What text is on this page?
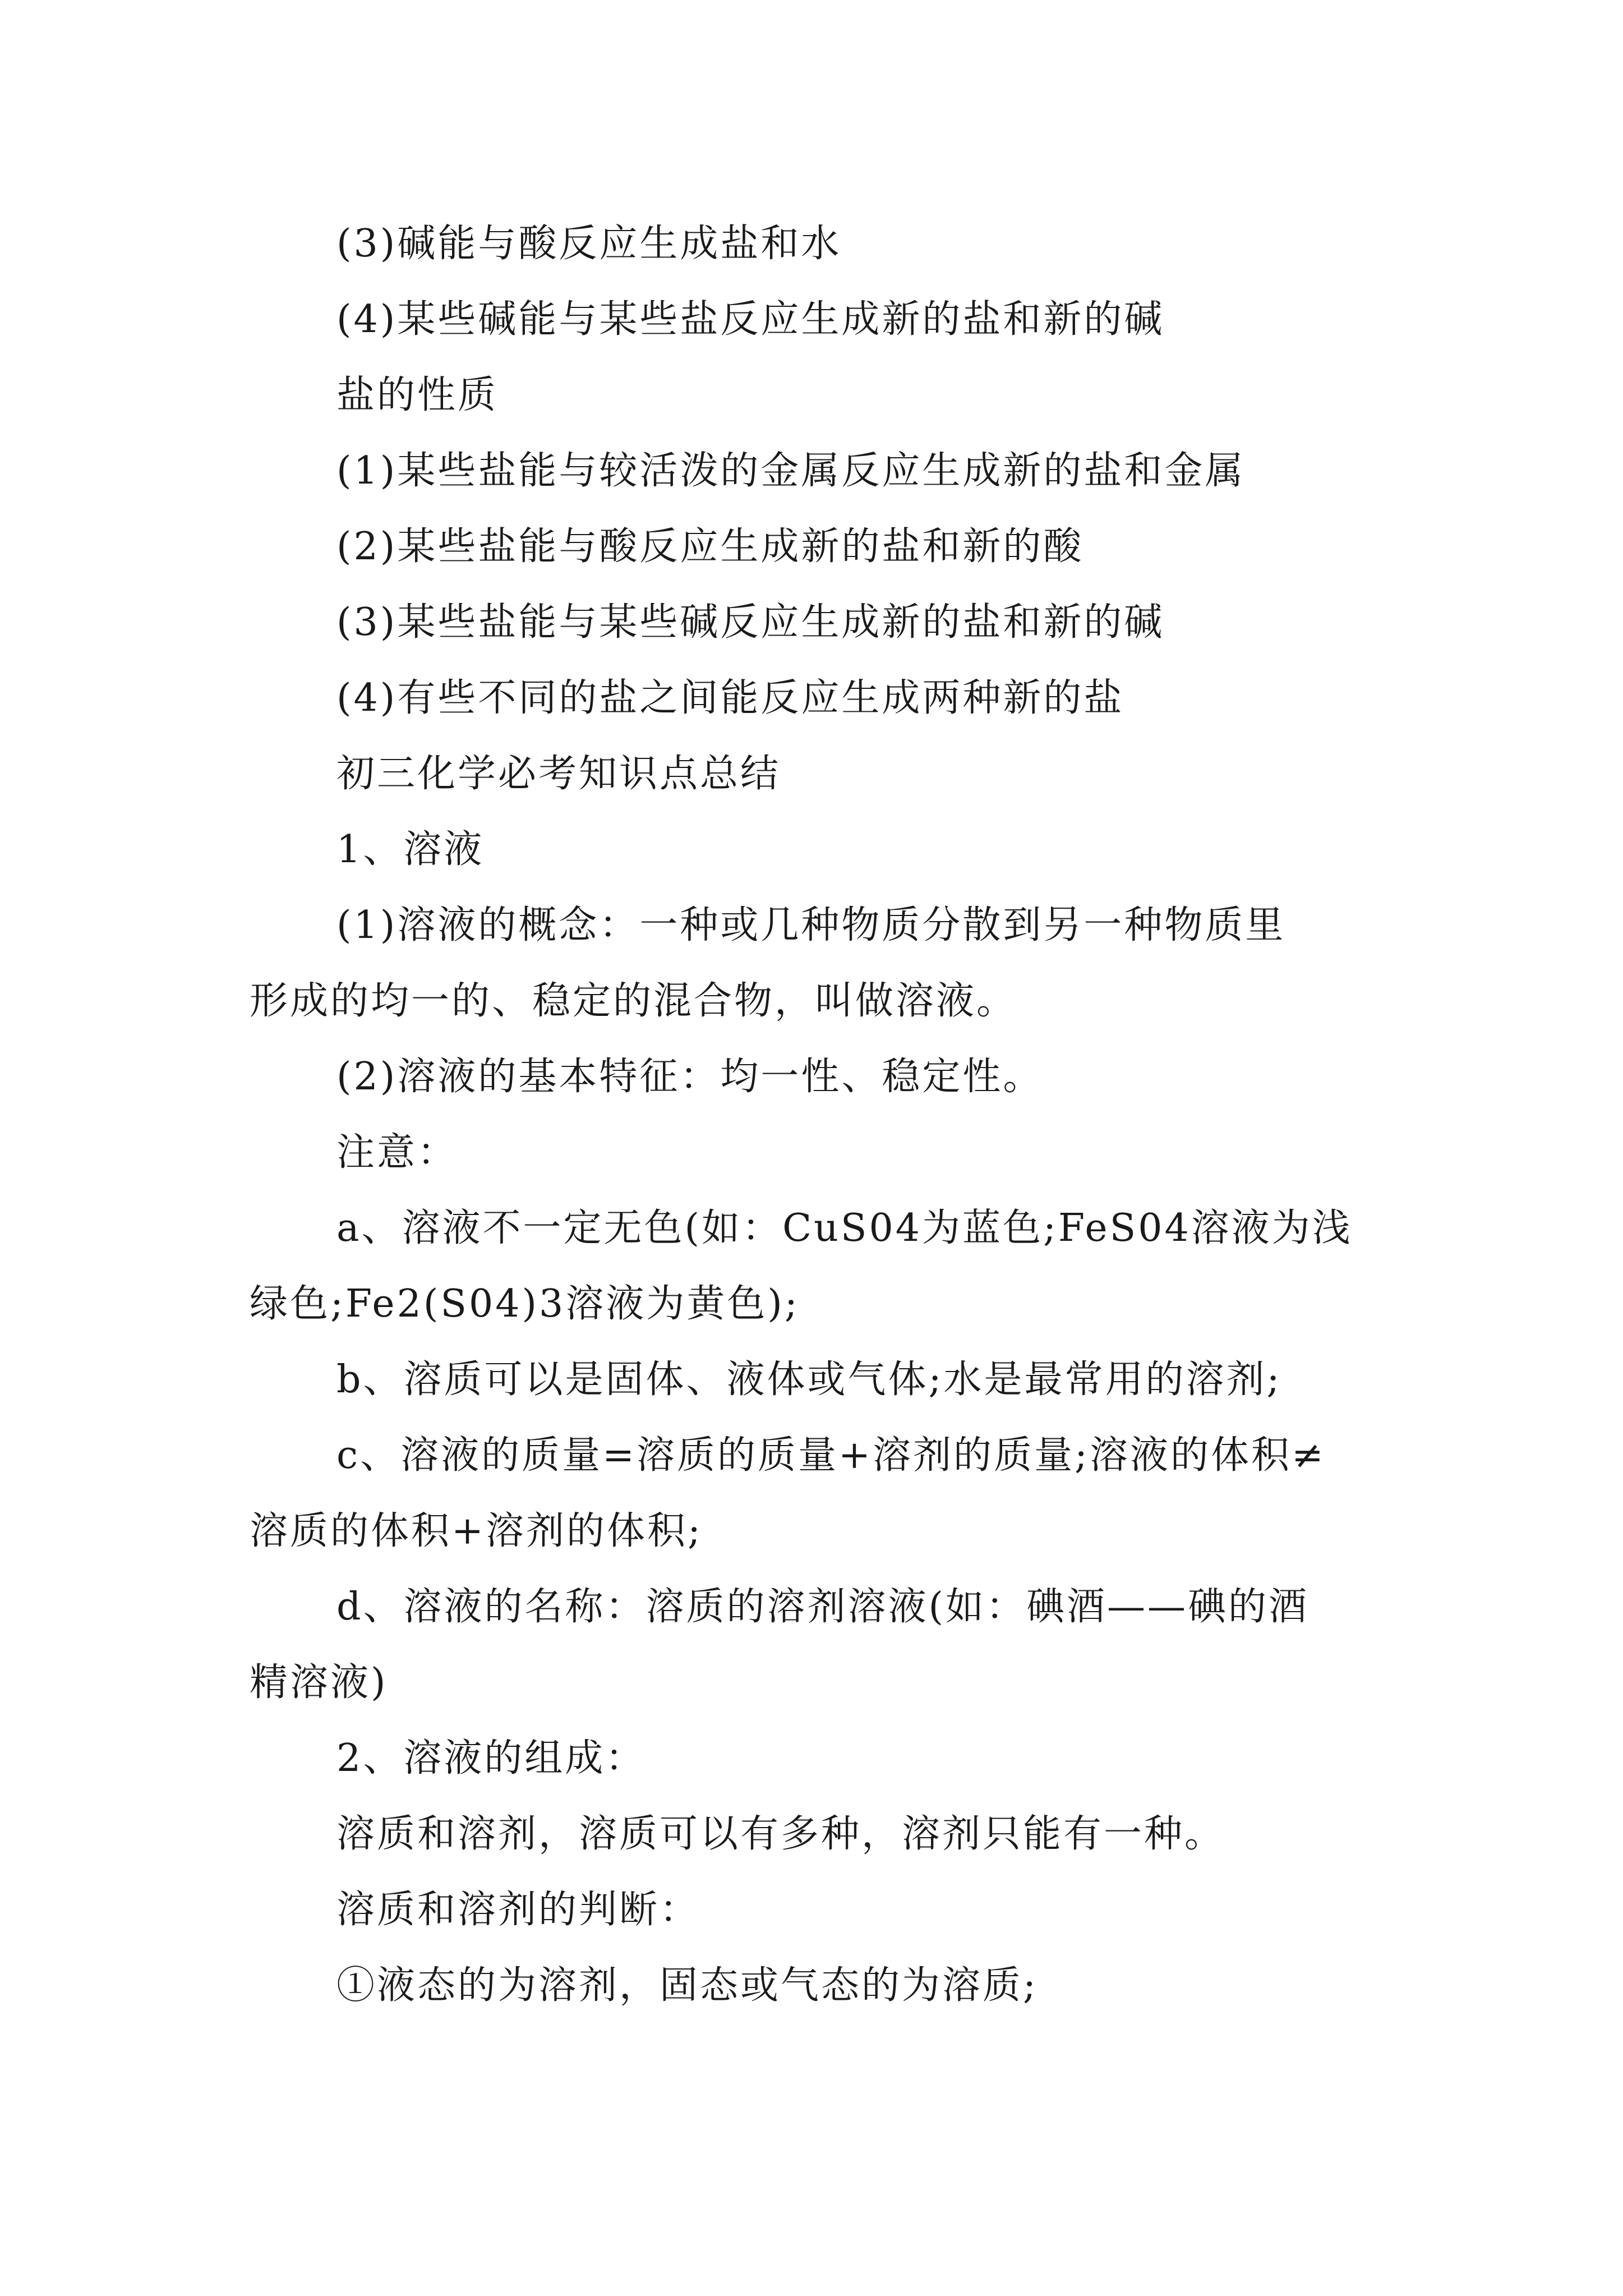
(3)碱能与酸反应生成盐和水

(4)某些碱能与某些盐反应生成新的盐和新的碱

盐的性质

(1)某些盐能与较活泼的金属反应生成新的盐和金属

(2)某些盐能与酸反应生成新的盐和新的酸

(3)某些盐能与某些碱反应生成新的盐和新的碱

(4)有些不同的盐之间能反应生成两种新的盐

初三化学必考知识点总结

1、溶液

(1)溶液的概念：一种或几种物质分散到另一种物质里

形成的均一的、稳定的混合物，叫做溶液。

(2)溶液的基本特征：均一性、稳定性。

注意：

a、溶液不一定无色(如：CuS04为蓝色;FeS04溶液为浅

绿色;Fe2(S04)3溶液为黄色);

b、溶质可以是固体、液体或气体;水是最常用的溶剂;

c、溶液的质量=溶质的质量+溶剂的质量;溶液的体积≠

溶质的体积+溶剂的体积;

d、溶液的名称：溶质的溶剂溶液(如：碘酒——碘的酒

精溶液)

2、溶液的组成：

溶质和溶剂，溶质可以有多种，溶剂只能有一种。

溶质和溶剂的判断：

①液态的为溶剂，固态或气态的为溶质;
